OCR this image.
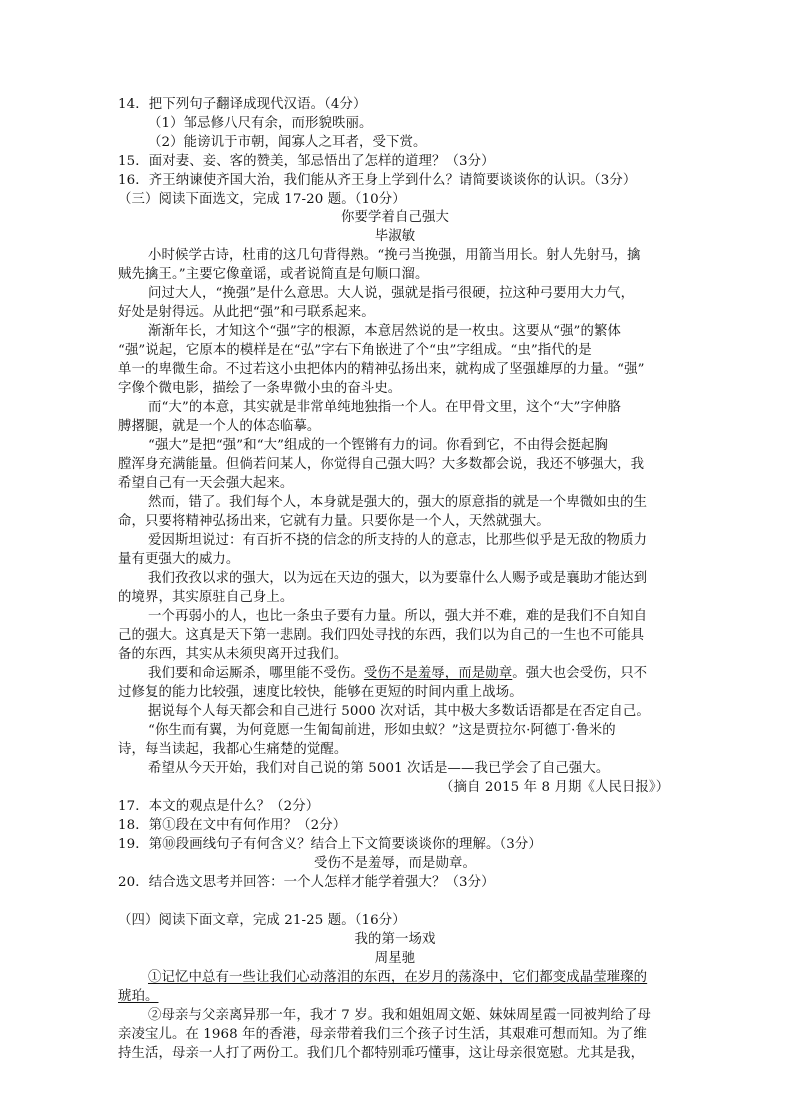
14．把下列句子翻译成现代汉语。（4分）
（1）邹忌修八尺有余，而形貌昳丽。
（2）能谤讥于市朝，闻寡人之耳者，受下赏。
15．面对妻、妾、客的赞美，邹忌悟出了怎样的道理？（3分）
16．齐王纳谏使齐国大治，我们能从齐王身上学到什么？请简要谈谈你的认识。（3分）
（三）阅读下面选文，完成 17-20 题。（10分）
你要学着自己强大
毕淑敏
小时候学古诗，杜甫的这几句背得熟。“挽弓当挽强，用箭当用长。射人先射马，擒
贼先擒王。”主要它像童谣，或者说简直是句顺口溜。
问过大人，“挽强”是什么意思。大人说，强就是指弓很硬，拉这种弓要用大力气，
好处是射得远。从此把“强”和弓联系起来。
渐渐年长，才知这个“强”字的根源，本意居然说的是一枚虫。这要从“强”的繁体
“强”说起，它原本的模样是在“弘”字右下角嵌进了个“虫”字组成。“虫”指代的是
单一的卑微生命。不过若这小虫把体内的精神弘扬出来，就构成了坚强雄厚的力量。“强”
字像个微电影，描绘了一条卑微小虫的奋斗史。
而“大”的本意，其实就是非常单纯地独指一个人。在甲骨文里，这个“大”字伸胳
膊撂腿，就是一个人的体态临摹。
“强大”是把“强”和“大”组成的一个铿锵有力的词。你看到它，不由得会挺起胸
膛浑身充满能量。但倘若问某人，你觉得自己强大吗？大多数都会说，我还不够强大，我
希望自己有一天会强大起来。
然而，错了。我们每个人，本身就是强大的，强大的原意指的就是一个卑微如虫的生
命，只要将精神弘扬出来，它就有力量。只要你是一个人，天然就强大。
爱因斯坦说过：有百折不挠的信念的所支持的人的意志，比那些似乎是无敌的物质力
量有更强大的威力。
我们孜孜以求的强大，以为远在天边的强大，以为要靠什么人赐予或是襄助才能达到
的境界，其实原驻自己身上。
一个再弱小的人，也比一条虫子要有力量。所以，强大并不难，难的是我们不自知自
己的强大。这真是天下第一悲剧。我们四处寻找的东西，我们以为自己的一生也不可能具
备的东西，其实从未须臾离开过我们。
我们要和命运厮杀，哪里能不受伤。受伤不是羞辱，而是勋章。强大也会受伤，只不
过修复的能力比较强，速度比较快，能够在更短的时间内重上战场。
据说每个人每天都会和自己进行 5000 次对话，其中极大多数话语都是在否定自己。
“你生而有翼，为何竟愿一生匍匐前进，形如虫蚁？”这是贾拉尔·阿德丁·鲁米的
诗，每当读起，我都心生痛楚的觉醒。
希望从今天开始，我们对自己说的第 5001 次话是——我已学会了自己强大。
（摘自 2015 年 8 月期《人民日报》）
17．本文的观点是什么？（2分）
18．第①段在文中有何作用？（2分）
19．第⑩段画线句子有何含义？结合上下文简要谈谈你的理解。（3分）
受伤不是羞辱，而是勋章。
20．结合选文思考并回答：一个人怎样才能学着强大？（3分）
（四）阅读下面文章，完成 21-25 题。（16分）
我的第一场戏
周星驰
①记忆中总有一些让我们心动落泪的东西，在岁月的荡涤中，它们都变成晶莹璀璨的
琥珀。
②母亲与父亲离异那一年，我才 7 岁。我和姐姐周文姬、妹妹周星霞一同被判给了母
亲凌宝儿。在 1968 年的香港，母亲带着我们三个孩子讨生活，其艰难可想而知。为了维
持生活，母亲一人打了两份工。我们几个都特别乖巧懂事，这让母亲很宽慰。尤其是我，
